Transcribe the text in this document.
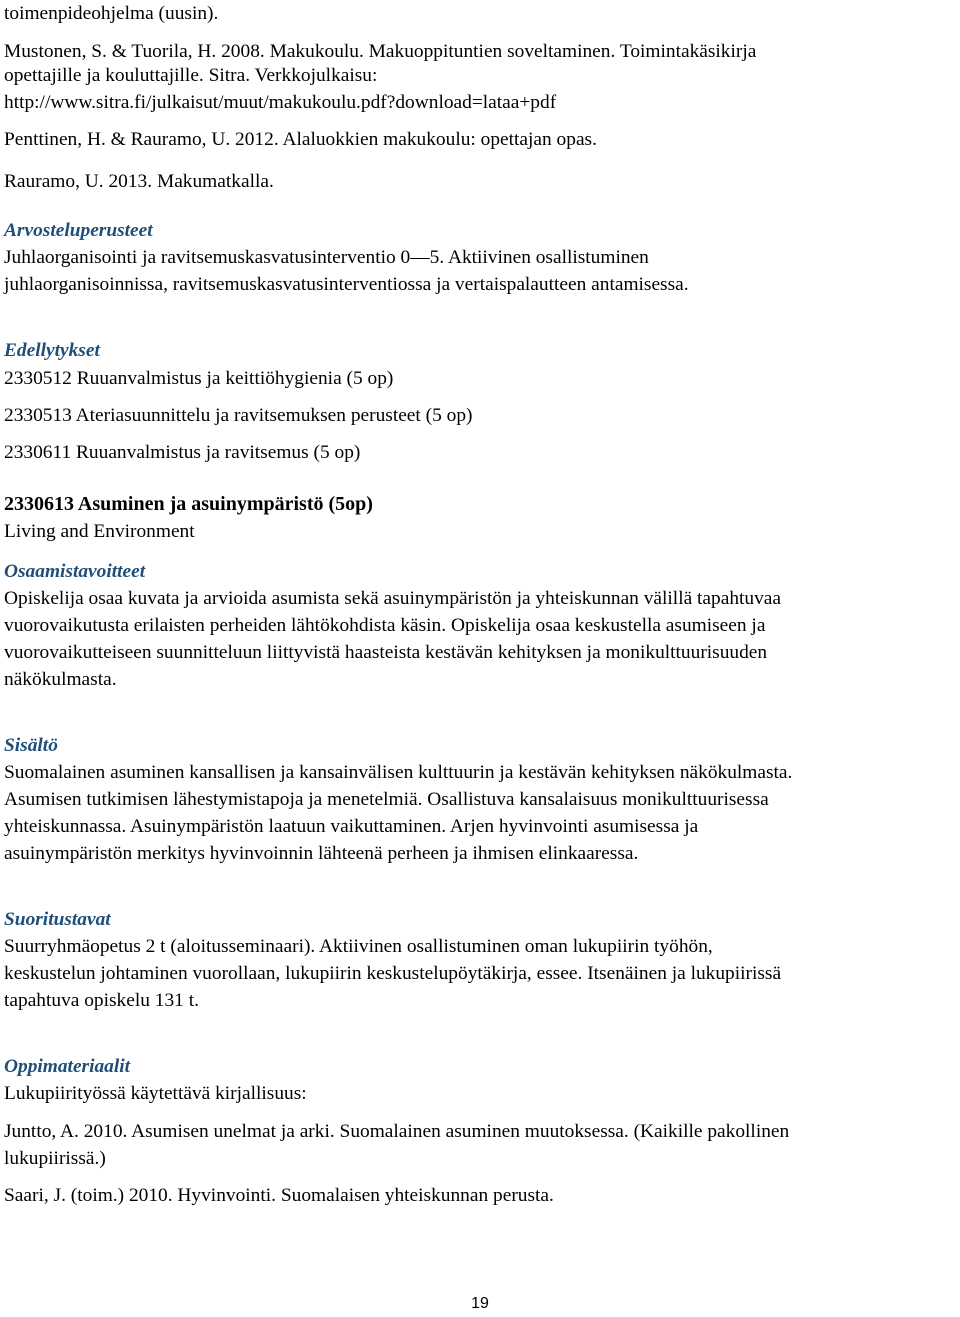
toimenpideohjelma (uusin).
Mustonen, S. & Tuorila, H. 2008. Makukoulu. Makuoppituntien soveltaminen. Toimintakäsikirja
opettajille ja kouluttajille. Sitra. Verkkojulkaisu:
http://www.sitra.fi/julkaisut/muut/makukoulu.pdf?download=lataa+pdf
Penttinen, H. & Rauramo, U. 2012. Alaluokkien makukoulu: opettajan opas.
Rauramo, U. 2013. Makumatkalla.
Arvosteluperusteet
Juhlaorganisointi ja ravitsemuskasvatusinterventio 0—5. Aktiivinen osallistuminen
juhlaorganisoinnissa, ravitsemuskasvatusinterventiossa ja vertaispalautteen antamisessa.
Edellytykset
2330512 Ruuanvalmistus ja keittiöhygienia (5 op)
2330513 Ateriasuunnittelu ja ravitsemuksen perusteet (5 op)
2330611 Ruuanvalmistus ja ravitsemus (5 op)
2330613 Asuminen ja asuinympäristö (5op)
Living and Environment
Osaamistavoitteet
Opiskelija osaa kuvata ja arvioida asumista sekä asuinympäristön ja yhteiskunnan välillä tapahtuvaa
vuorovaikutusta erilaisten perheiden lähtökohdista käsin. Opiskelija osaa keskustella asumiseen ja
vuorovaikutteiseen suunnitteluun liittyvistä haasteista kestävän kehityksen ja monikulttuurisuuden
näkökulmasta.
Sisältö
Suomalainen asuminen kansallisen ja kansainvälisen kulttuurin ja kestävän kehityksen näkökulmasta.
Asumisen tutkimisen lähestymistapoja ja menetelmiä. Osallistuva kansalaisuus monikulttuurisessa
yhteiskunnassa. Asuinympäristön laatuun vaikuttaminen. Arjen hyvinvointi asumisessa ja
asuinympäristön merkitys hyvinvoinnin lähteenä perheen ja ihmisen elinkaaressa.
Suoritustavat
Suurryhmäopetus 2 t (aloitusseminaari). Aktiivinen osallistuminen oman lukupiirin työhön,
keskustelun johtaminen vuorollaan, lukupiirin keskustelupöytäkirja, essee. Itsenäinen ja lukupiirissä
tapahtuva opiskelu 131 t.
Oppimateriaalit
Lukupiirityössä käytettävä kirjallisuus:
Juntto, A. 2010. Asumisen unelmat ja arki. Suomalainen asuminen muutoksessa. (Kaikille pakollinen
lukupiirissä.)
Saari, J. (toim.) 2010. Hyvinvointi. Suomalaisen yhteiskunnan perusta.
19
